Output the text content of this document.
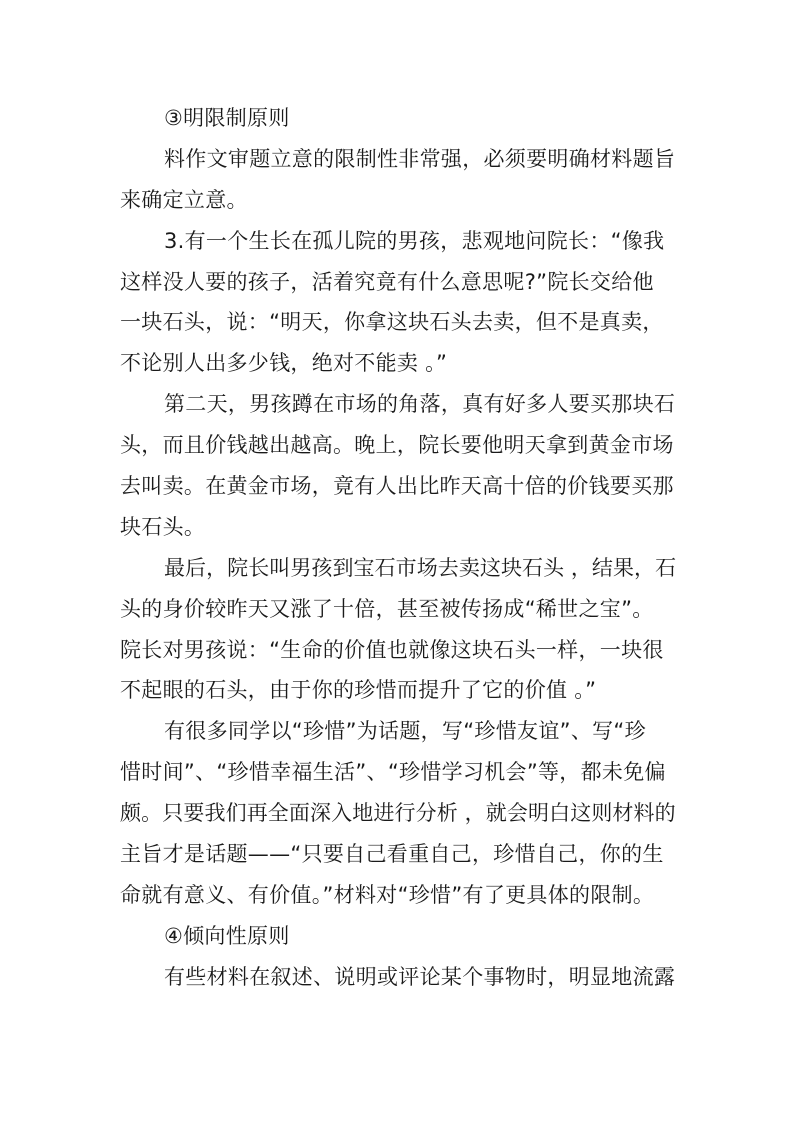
③明限制原则
料作文审题立意的限制性非常强，必须要明确材料题旨
来确定立意。
3.有一个生长在孤儿院的男孩，悲观地问院长：“像我
这样没人要的孩子，活着究竟有什么意思呢?”院长交给他
一块石头，说：“明天，你拿这块石头去卖，但不是真卖，
不论别人出多少钱，绝对不能卖 。”
第二天，男孩蹲在市场的角落，真有好多人要买那块石
头，而且价钱越出越高。晚上，院长要他明天拿到黄金市场
去叫卖。在黄金市场，竟有人出比昨天高十倍的价钱要买那
块石头。
最后，院长叫男孩到宝石市场去卖这块石头 ，结果，石
头的身价较昨天又涨了十倍，甚至被传扬成“稀世之宝”。
院长对男孩说：“生命的价值也就像这块石头一样，一块很
不起眼的石头，由于你的珍惜而提升了它的价值 。”
有很多同学以“珍惜”为话题，写“珍惜友谊”、写“珍
惜时间”、“珍惜幸福生活”、“珍惜学习机会”等，都未免偏
颇。只要我们再全面深入地进行分析 ，就会明白这则材料的
主旨才是话题——“只要自己看重自己，珍惜自己，你的生
命就有意义、有价值。”材料对“珍惜”有了更具体的限制。
④倾向性原则
有些材料在叙述、说明或评论某个事物时，明显地流露
